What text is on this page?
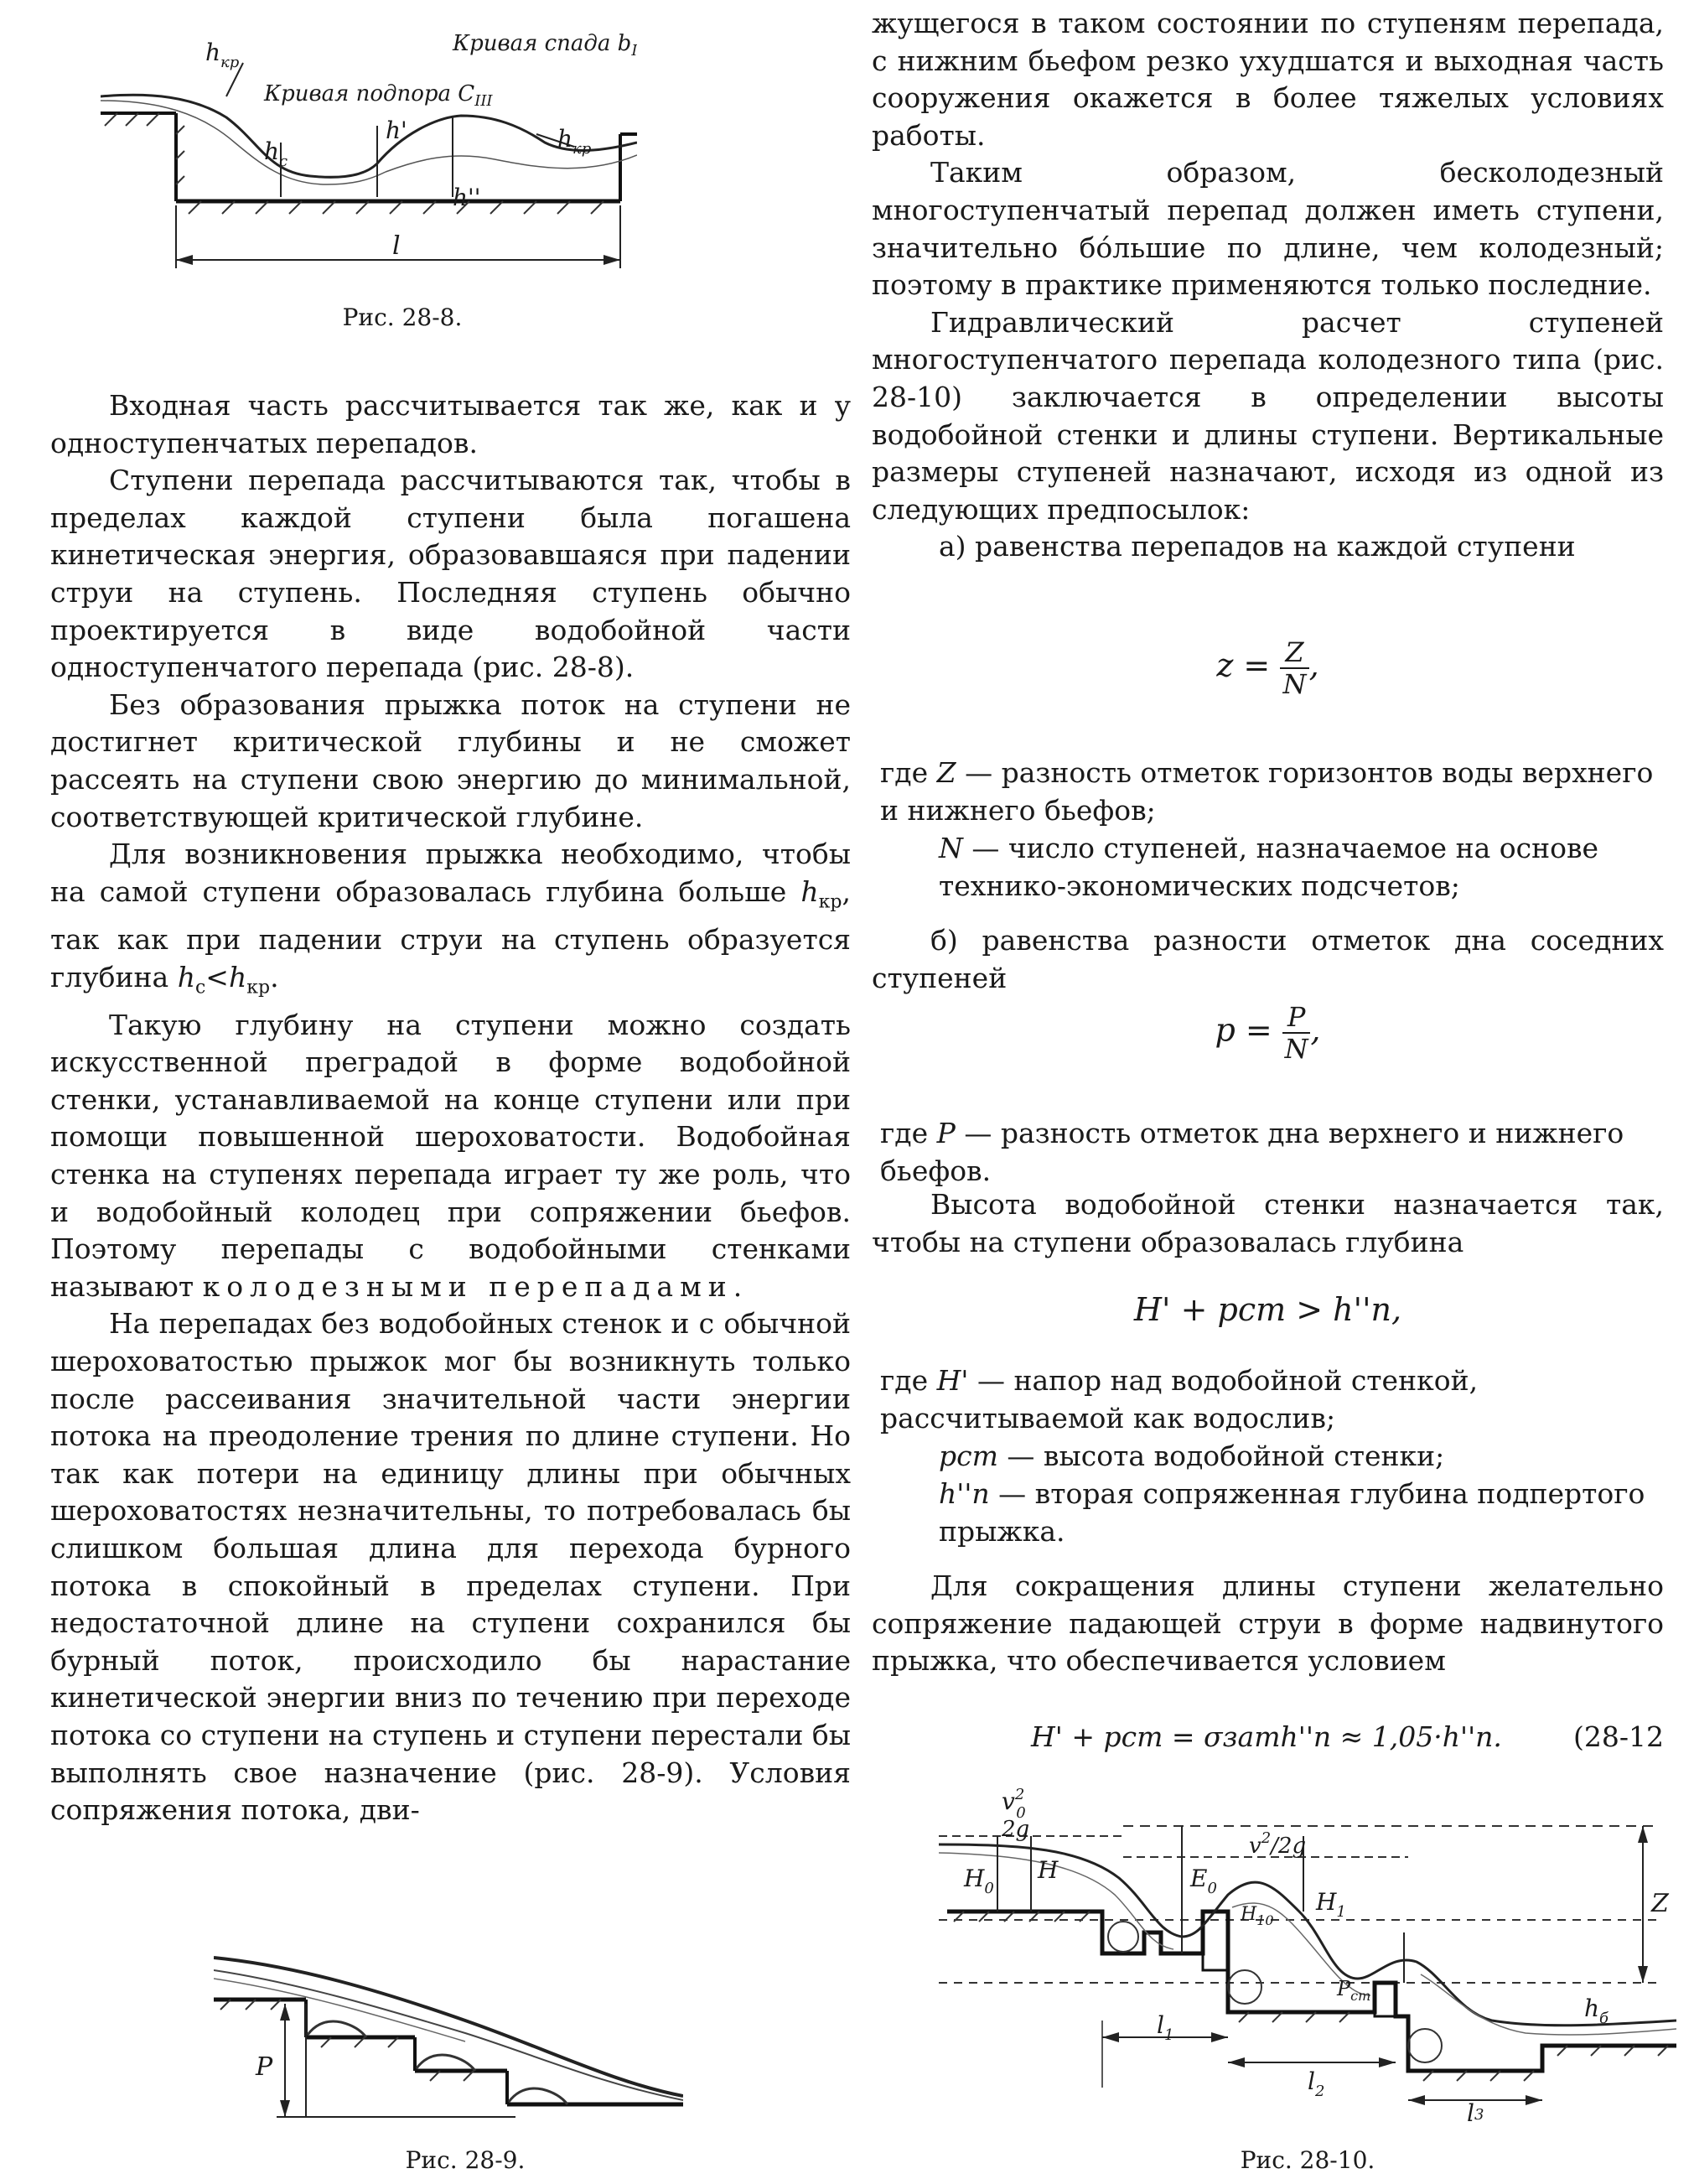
$h_{кр}$
Кривая подпора $C_{III}$
Кривая спада $b_I$
$h_c$
h'
h''
$h_{кр}$
l
Рис. 28-8.

Входная часть рассчитывается так же, как и у одноступенчатых перепадов.

Ступени перепада рассчитываются так, чтобы в пределах каждой ступени была погашена кинетическая энергия, образовавшаяся при падении струи на ступень. Последняя ступень обычно проектируется в виде водобойной части одноступенчатого перепада (рис. 28-8).

Без образования прыжка поток на ступени не достигнет критической глубины и не сможет рассеять на ступени свою энергию до минимальной, соответствующей критической глубине.

Для возникновения прыжка необходимо, чтобы на самой ступени образовалась глубина больше $h_{кр}$, так как при падении струи на ступень образуется глубина $h_с<h_{кр}$.

Такую глубину на ступени можно создать искусственной преградой в форме водобойной стенки, устанавливаемой на конце ступени или при помощи повышенной шероховатости. Водобойная стенка на ступенях перепада играет ту же роль, что и водобойный колодец при сопряжении бьефов. Поэтому перепады с водобойными стенками называют колодезными перепадами.

На перепадах без водобойных стенок и с обычной шероховатостью прыжок мог бы возникнуть только после рассеивания значительной части энергии потока на преодоление трения по длине ступени. Но так как потери на единицу длины при обычных шероховатостях незначительны, то потребовалась бы слишком большая длина для перехода бурного потока в спокойный в пределах ступени. При недостаточной длине на ступени сохранился бы бурный поток, происходило бы нарастание кинетической энергии вниз по течению при переходе потока со ступени на ступень и ступени перестали бы выполнять свое назначение (рис. 28-9). Условия сопряжения потока, дви-

P
Рис. 28-9.

жущегося в таком состоянии по ступеням перепада, с нижним бьефом резко ухудшатся и выходная часть сооружения окажется в более тяжелых условиях работы.

Таким образом, бесколодезный многоступенчатый перепад должен иметь ступени, значительно бо́льшие по длине, чем колодезный; поэтому в практике применяются только последние.

Гидравлический расчет ступеней многоступенчатого перепада колодезного типа (рис. 28-10) заключается в определении высоты водобойной стенки и длины ступени. Вертикальные размеры ступеней назначают, исходя из одной из следующих предпосылок:

а) равенства перепадов на каждой ступени

$z = \frac{Z}{N}$ ,
где Z — разность отметок горизонтов воды верхнего и нижнего бьефов;
N — число ступеней, назначаемое на основе технико-экономических подсчетов;
б) равенства разности отметок дна соседних ступеней
$p = \frac{P}{N}$ ,
где P — разность отметок дна верхнего и нижнего бьефов.
Высота водобойной стенки назначается так, чтобы на ступени образовалась глубина
H' + pст > h''п,
где H' — напор над водобойной стенкой, рассчитываемой как водослив;
pст — высота водобойной стенки;
h''п — вторая сопряженная глубина подпертого прыжка.
Для сокращения длины ступени желательно сопряжение падающей струи в форме надвинутого прыжка, что обеспечивается условием
H' + pст = σзатh''п ≈ 1,05·h''п.	(28-12
$v^2$ 0
2g
$H_0$
H	$E_0$
$v^2/2g$
$H_{10}$
$H_1$
$P_{cm}$
Z
$h_б$
$l_1$
$l_2$
l3
Рис. 28-10.
